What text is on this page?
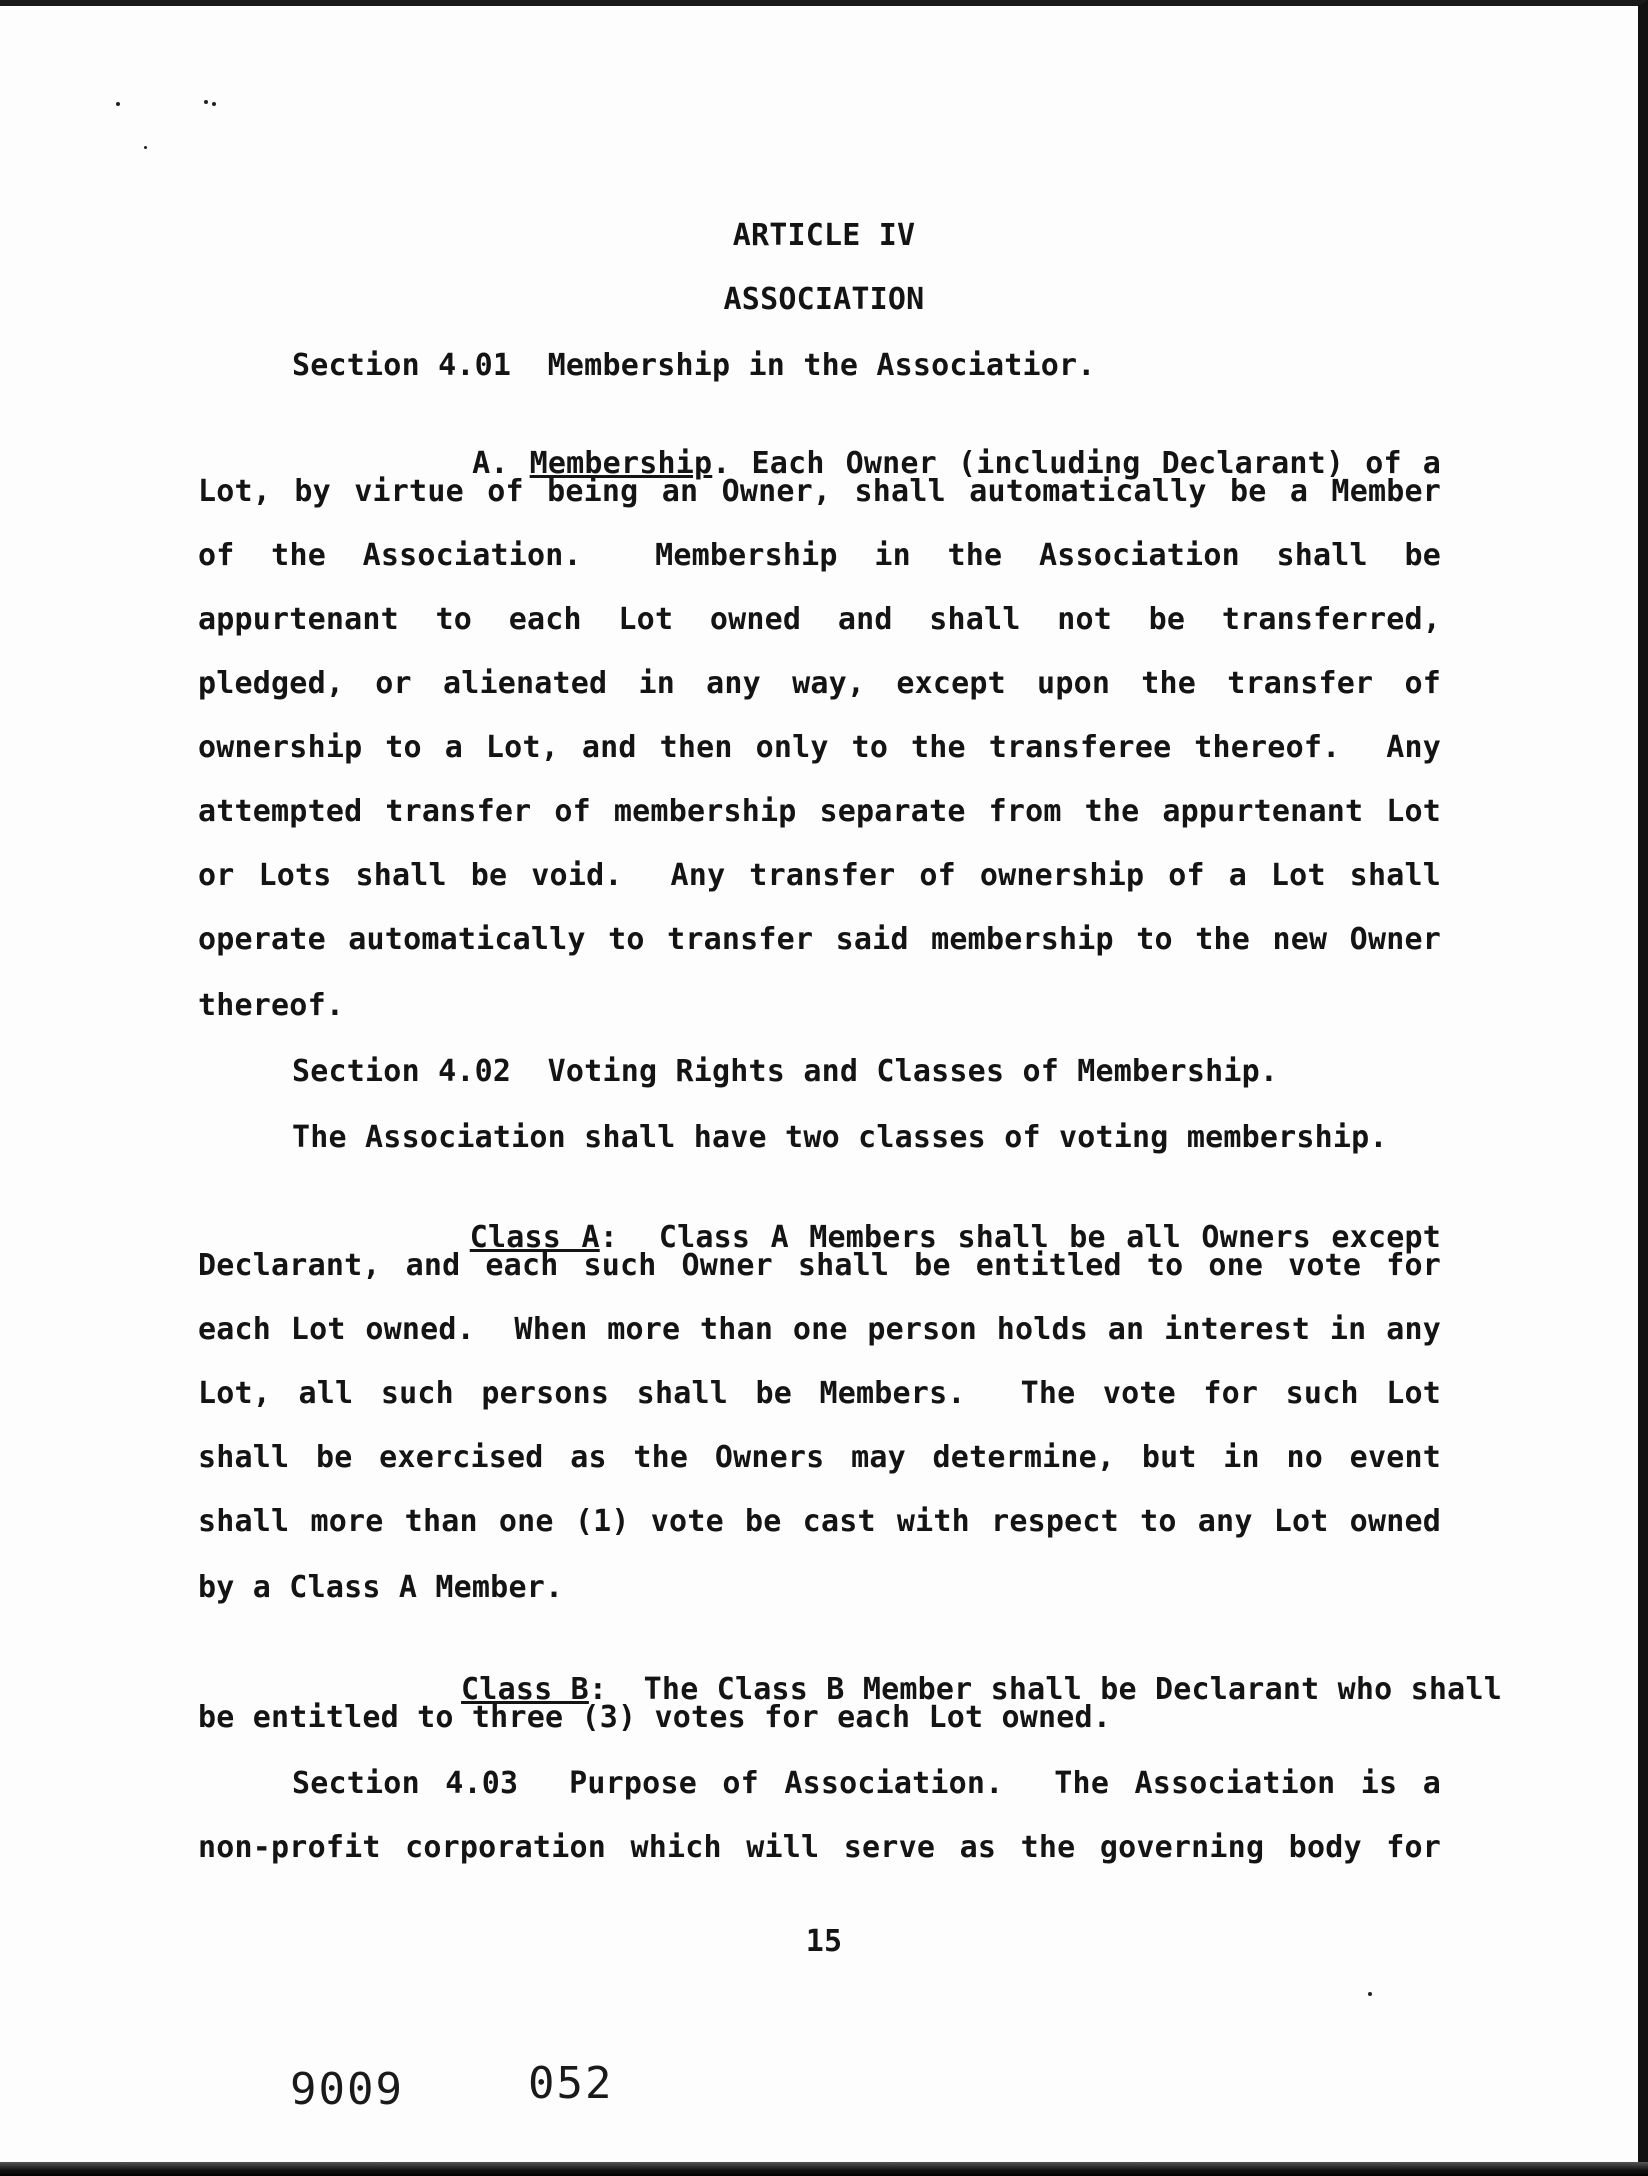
ARTICLE IV
ASSOCIATION
Section 4.01  Membership in the Associatior.

A. Membership. Each Owner (including Declarant) of a

Lot, by virtue of being an Owner, shall automatically be a Member
of the Association.  Membership in the Association shall be
appurtenant to each Lot owned and shall not be transferred,
pledged, or alienated in any way, except upon the transfer of
ownership to a Lot, and then only to the transferee thereof.  Any
attempted transfer of membership separate from the appurtenant Lot
or Lots shall be void.  Any transfer of ownership of a Lot shall
operate automatically to transfer said membership to the new Owner
thereof.
Section 4.02  Voting Rights and Classes of Membership.
The Association shall have two classes of voting membership.

Class A:  Class A Members shall be all Owners except

Declarant, and each such Owner shall be entitled to one vote for
each Lot owned.  When more than one person holds an interest in any
Lot, all such persons shall be Members.  The vote for such Lot
shall be exercised as the Owners may determine, but in no event
shall more than one (1) vote be cast with respect to any Lot owned
by a Class A Member.

Class B:  The Class B Member shall be Declarant who shall

be entitled to three (3) votes for each Lot owned.
Section 4.03  Purpose of Association.  The Association is a
non-profit corporation which will serve as the governing body for
15
9009	052
